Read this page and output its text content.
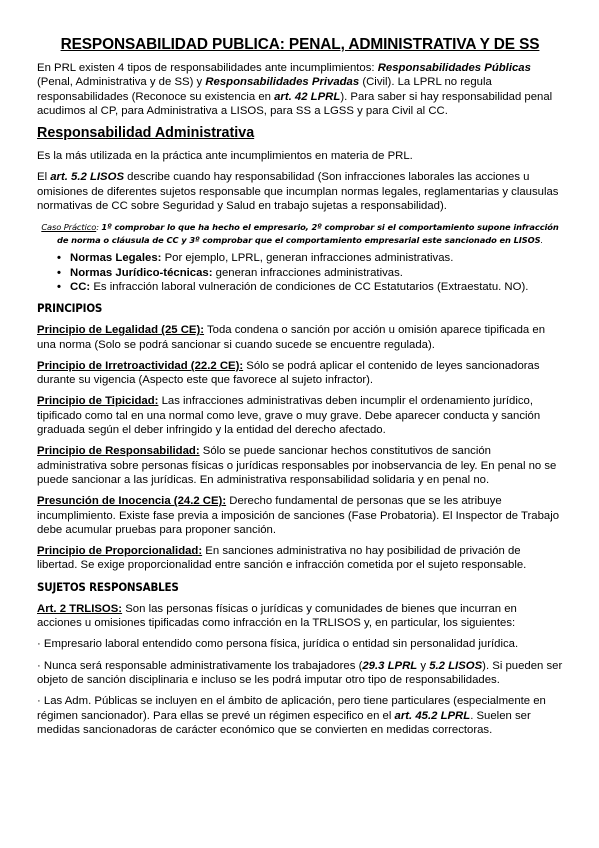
RESPONSABILIDAD PUBLICA: PENAL, ADMINISTRATIVA Y DE SS

En PRL existen 4 tipos de responsabilidades ante incumplimientos: Responsabilidades Públicas (Penal, Administrativa y de SS) y Responsabilidades Privadas (Civil). La LPRL no regula responsabilidades (Reconoce su existencia en art. 42 LPRL). Para saber si hay responsabilidad penal acudimos al CP, para Administrativa a LISOS, para SS a LGSS y para Civil al CC.

Responsabilidad Administrativa

Es la más utilizada en la práctica ante incumplimientos en materia de PRL.

El art. 5.2 LISOS describe cuando hay responsabilidad (Son infracciones laborales las acciones u omisiones de diferentes sujetos responsable que incumplan normas legales, reglamentarias y clausulas normativas de CC sobre Seguridad y Salud en trabajo sujetas a responsabilidad).

Caso Práctico: 1º comprobar lo que ha hecho el empresario, 2º comprobar si el comportamiento supone infracción de norma o cláusula de CC y 3º comprobar que el comportamiento empresarial este sancionado en LISOS.
• Normas Legales: Por ejemplo, LPRL, generan infracciones administrativas.
• Normas Jurídico-técnicas: generan infracciones administrativas.
• CC: Es infracción laboral vulneración de condiciones de CC Estatutarios (Extraestatu. NO).
PRINCIPIOS

Principio de Legalidad (25 CE): Toda condena o sanción por acción u omisión aparece tipificada en una norma (Solo se podrá sancionar si cuando sucede se encuentre regulada).

Principio de Irretroactividad (22.2 CE): Sólo se podrá aplicar el contenido de leyes sancionadoras durante su vigencia (Aspecto este que favorece al sujeto infractor).

Principio de Tipicidad: Las infracciones administrativas deben incumplir el ordenamiento jurídico, tipificado como tal en una normal como leve, grave o muy grave. Debe aparecer conducta y sanción graduada según el deber infringido y la entidad del derecho afectado.

Principio de Responsabilidad: Sólo se puede sancionar hechos constitutivos de sanción administrativa sobre personas físicas o jurídicas responsables por inobservancia de ley. En penal no se puede sancionar a las jurídicas. En administrativa responsabilidad solidaria y en penal no.

Presunción de Inocencia (24.2 CE): Derecho fundamental de personas que se les atribuye incumplimiento. Existe fase previa a imposición de sanciones (Fase Probatoria). El Inspector de Trabajo debe acumular pruebas para proponer sanción.

Principio de Proporcionalidad: En sanciones administrativa no hay posibilidad de privación de libertad. Se exige proporcionalidad entre sanción e infracción cometida por el sujeto responsable.

SUJETOS RESPONSABLES

Art. 2 TRLISOS: Son las personas físicas o jurídicas y comunidades de bienes que incurran en acciones u omisiones tipificadas como infracción en la TRLISOS y, en particular, los siguientes:

· Empresario laboral entendido como persona física, jurídica o entidad sin personalidad jurídica.

· Nunca será responsable administrativamente los trabajadores (29.3 LPRL y 5.2 LISOS). Si pueden ser objeto de sanción disciplinaria e incluso se les podrá imputar otro tipo de responsabilidades.

· Las Adm. Públicas se incluyen en el ámbito de aplicación, pero tiene particulares (especialmente en régimen sancionador). Para ellas se prevé un régimen especifico en el art. 45.2 LPRL. Suelen ser medidas sancionadoras de carácter económico que se convierten en medidas correctoras.
